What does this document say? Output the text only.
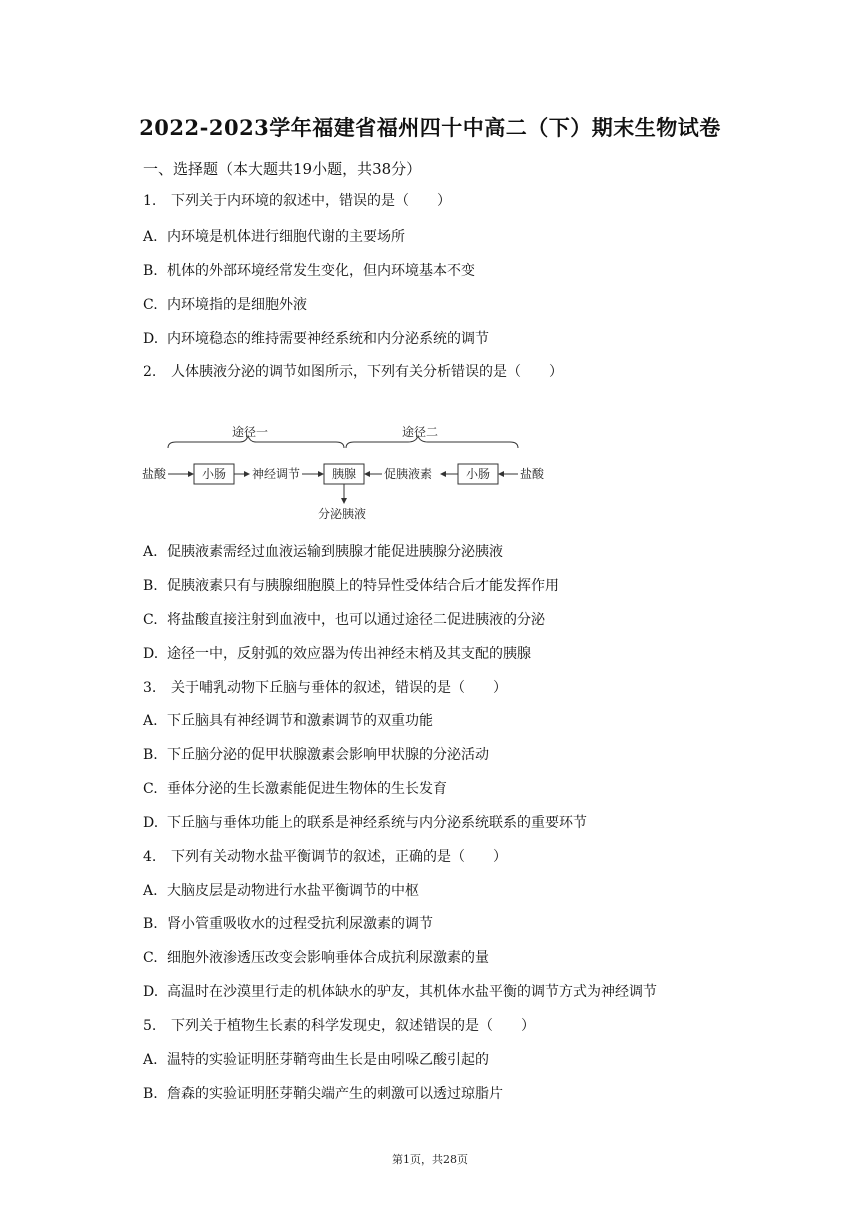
2022-2023学年福建省福州四十中高二（下）期末生物试卷
一、选择题（本大题共19小题，共38分）
1. 下列关于内环境的叙述中，错误的是（　　）
A. 内环境是机体进行细胞代谢的主要场所
B. 机体的外部环境经常发生变化，但内环境基本不变
C. 内环境指的是细胞外液
D. 内环境稳态的维持需要神经系统和内分泌系统的调节
2. 人体胰液分泌的调节如图所示，下列有关分析错误的是（　　）
途径一	途径二
盐酸	小肠 神经调节	胰腺 促胰液素	小肠 盐酸
分泌胰液
A. 促胰液素需经过血液运输到胰腺才能促进胰腺分泌胰液
B. 促胰液素只有与胰腺细胞膜上的特异性受体结合后才能发挥作用
C. 将盐酸直接注射到血液中，也可以通过途径二促进胰液的分泌
D. 途径一中，反射弧的效应器为传出神经末梢及其支配的胰腺
3. 关于哺乳动物下丘脑与垂体的叙述，错误的是（　　）
A. 下丘脑具有神经调节和激素调节的双重功能
B. 下丘脑分泌的促甲状腺激素会影响甲状腺的分泌活动
C. 垂体分泌的生长激素能促进生物体的生长发育
D. 下丘脑与垂体功能上的联系是神经系统与内分泌系统联系的重要环节
4. 下列有关动物水盐平衡调节的叙述，正确的是（　　）
A. 大脑皮层是动物进行水盐平衡调节的中枢
B. 肾小管重吸收水的过程受抗利尿激素的调节
C. 细胞外液渗透压改变会影响垂体合成抗利尿激素的量
D. 高温时在沙漠里行走的机体缺水的驴友，其机体水盐平衡的调节方式为神经调节
5. 下列关于植物生长素的科学发现史，叙述错误的是（　　）
A. 温特的实验证明胚芽鞘弯曲生长是由吲哚乙酸引起的
B. 詹森的实验证明胚芽鞘尖端产生的刺激可以透过琼脂片
第1页，共28页
